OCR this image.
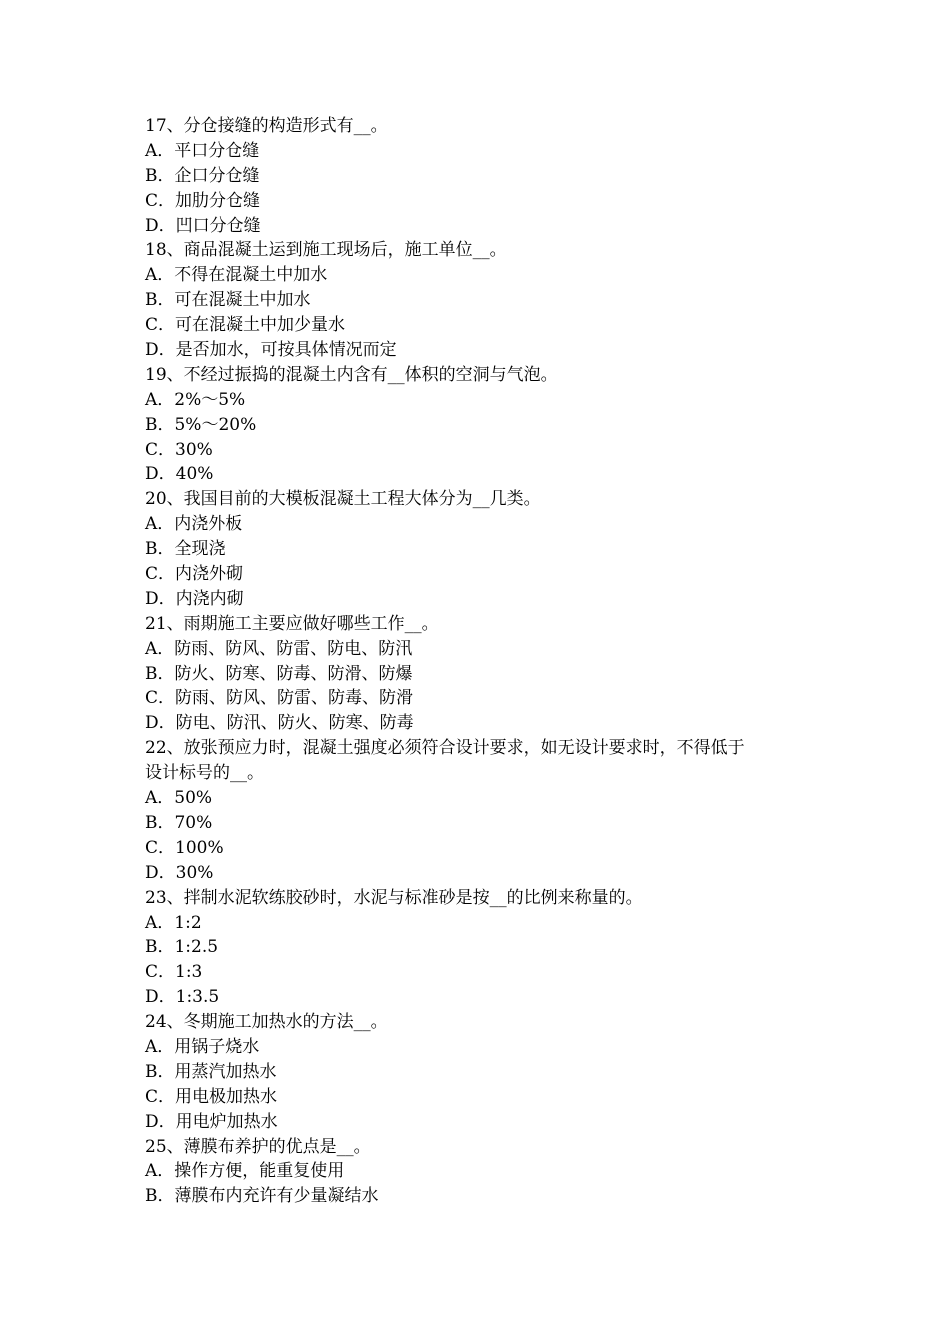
17、分仓接缝的构造形式有__。
A．平口分仓缝
B．企口分仓缝
C．加肋分仓缝
D．凹口分仓缝
18、商品混凝土运到施工现场后，施工单位__。
A．不得在混凝土中加水
B．可在混凝土中加水
C．可在混凝土中加少量水
D．是否加水，可按具体情况而定
19、不经过振捣的混凝土内含有__体积的空洞与气泡。
A．2%～5%
B．5%～20%
C．30%
D．40%
20、我国目前的大模板混凝土工程大体分为__几类。
A．内浇外板
B．全现浇
C．内浇外砌
D．内浇内砌
21、雨期施工主要应做好哪些工作__。
A．防雨、防风、防雷、防电、防汛
B．防火、防寒、防毒、防滑、防爆
C．防雨、防风、防雷、防毒、防滑
D．防电、防汛、防火、防寒、防毒
22、放张预应力时，混凝土强度必须符合设计要求，如无设计要求时，不得低于
设计标号的__。
A．50%
B．70%
C．100%
D．30%
23、拌制水泥软练胶砂时，水泥与标准砂是按__的比例来称量的。
A．1:2
B．1:2.5
C．1:3
D．1:3.5
24、冬期施工加热水的方法__。
A．用锅子烧水
B．用蒸汽加热水
C．用电极加热水
D．用电炉加热水
25、薄膜布养护的优点是__。
A．操作方便，能重复使用
B．薄膜布内充许有少量凝结水
